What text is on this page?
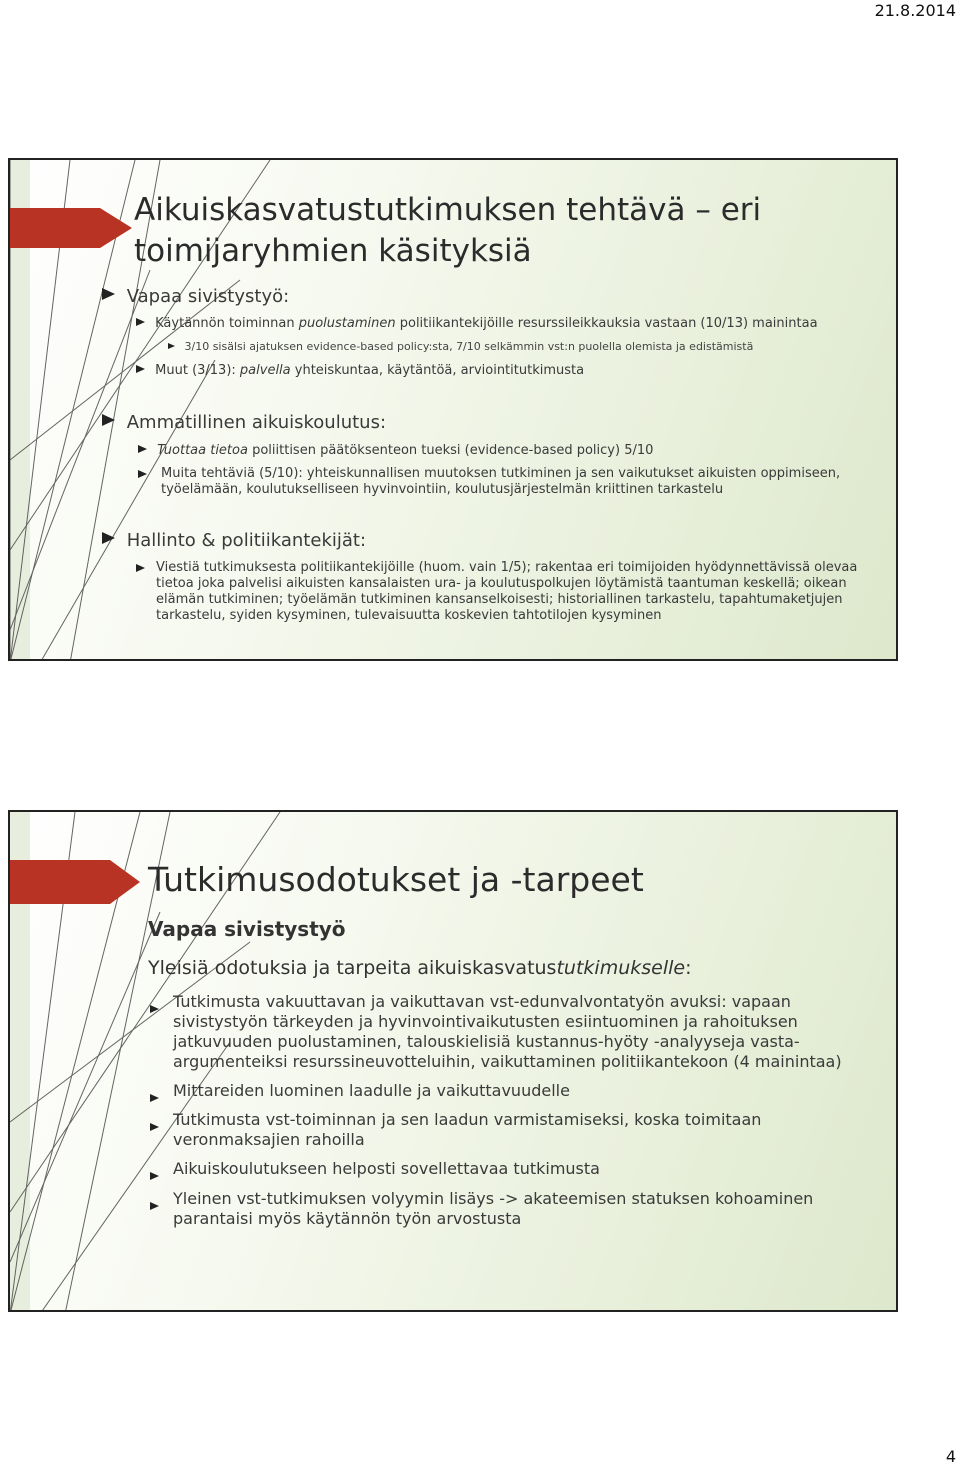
21.8.2014
Aikuiskasvatustutkimuksen tehtävä – eri toimijaryhmien käsityksiä
Vapaa sivistystyö:
Käytännön toiminnan puolustaminen politiikantekijöille resurssileikkauksia vastaan (10/13) mainintaa
3/10 sisälsi ajatuksen evidence-based policy:sta, 7/10 selkämmin vst:n puolella olemista ja edistämistä
Muut (3/13): palvella yhteiskuntaa, käytäntöä, arviointitutkimusta
Ammatillinen aikuiskoulutus:
Tuottaa tietoa poliittisen päätöksenteon tueksi (evidence-based policy) 5/10
Muita tehtäviä (5/10): yhteiskunnallisen muutoksen tutkiminen ja sen vaikutukset aikuisten oppimiseen, työelämään, koulutukselliseen hyvinvointiin, koulutusjärjestelmän kriittinen tarkastelu
Hallinto & politiikantekijät:
Viestiä tutkimuksesta politiikantekijöille (huom. vain 1/5); rakentaa eri toimijoiden hyödynnettävissä olevaa tietoa joka palvelisi aikuisten kansalaisten ura- ja koulutuspolkujen löytämistä taantuman keskellä; oikean elämän tutkiminen; työelämän tutkiminen kansanselkoisesti; historiallinen tarkastelu, tapahtumaketjujen tarkastelu, syiden kysyminen, tulevaisuutta koskevien tahtotilojen kysyminen
Tutkimusodotukset ja -tarpeet
Vapaa sivistystyö
Yleisiä odotuksia ja tarpeita aikuiskasvatustutkimukselle:
Tutkimusta vakuuttavan ja vaikuttavan vst-edunvalvontatyön avuksi: vapaan sivistystyön tärkeyden ja hyvinvointivaikutusten esiintuominen ja rahoituksen jatkuvuuden puolustaminen, talouskielisiä kustannus-hyöty -analyyseja vasta-argumenteiksi resurssineuvotteluihin, vaikuttaminen politiikantekoon (4 mainintaa)
Mittareiden luominen laadulle ja vaikuttavuudelle
Tutkimusta vst-toiminnan ja sen laadun varmistamiseksi, koska toimitaan veronmaksajien rahoilla
Aikuiskoulutukseen helposti sovellettavaa tutkimusta
Yleinen vst-tutkimuksen volyymin lisäys -> akateemisen statuksen kohoaminen parantaisi myös käytännön työn arvostusta
4
